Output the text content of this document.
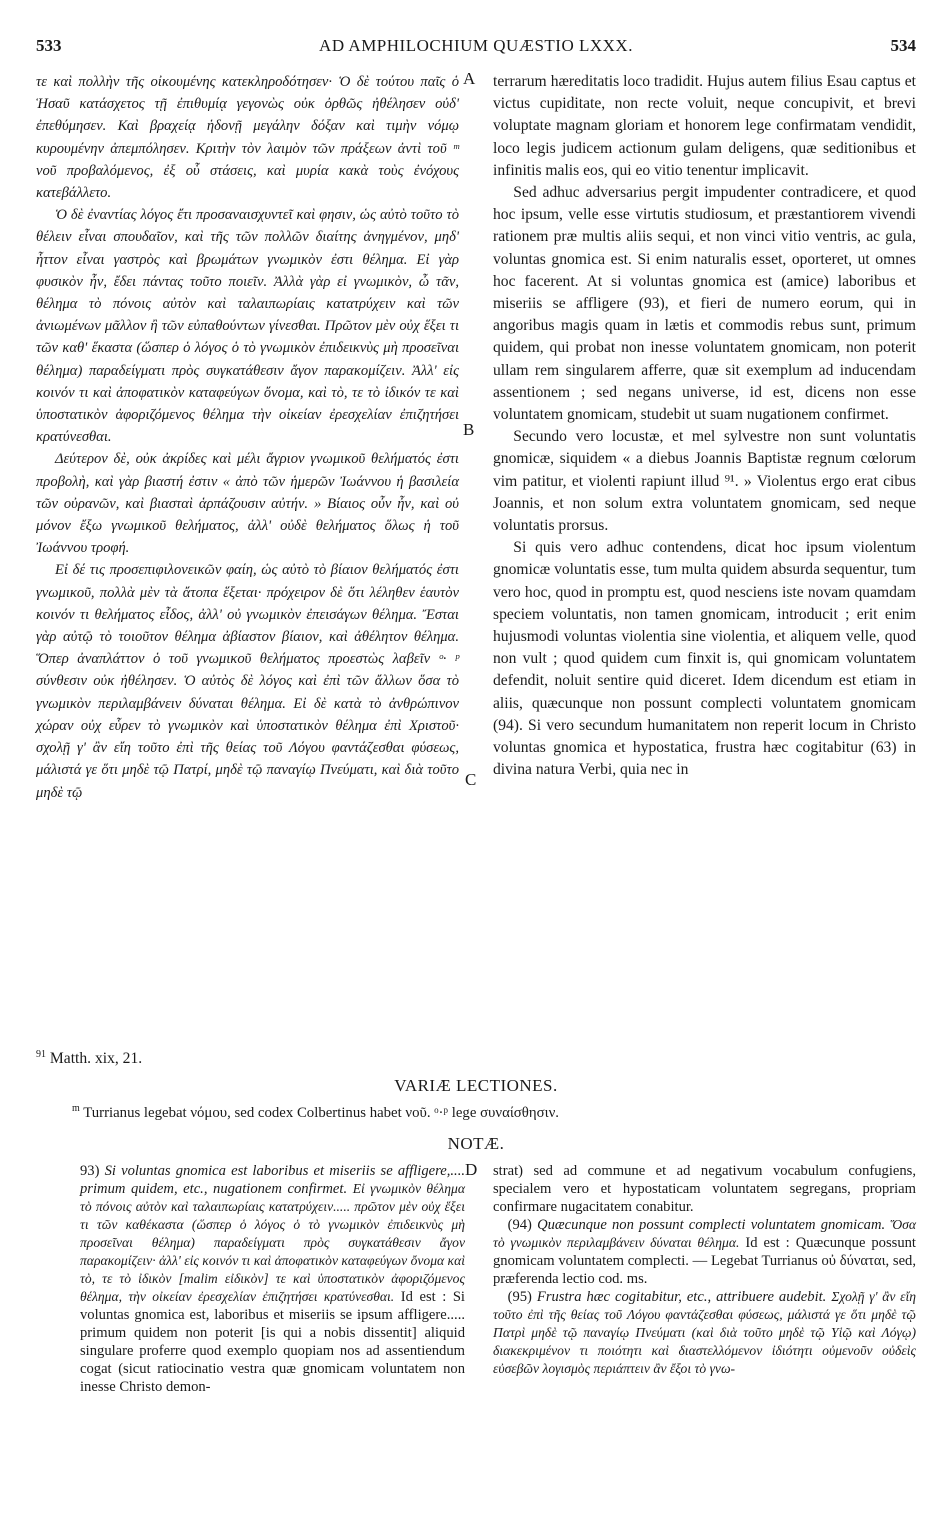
533	AD AMPHILOCHIUM QUÆSTIO LXXX.	534

τε καὶ πολλὴν τῆς οἰκουμένης κατεκληροδότησεν· Ὁ δὲ τούτου παῖς ὁ Ἡσαῦ κατάσχετος τῇ ἐπιθυμίᾳ γεγονὼς οὐκ ὀρθῶς ἠθέλησεν οὐδ' ἐπεθύμησεν. Καὶ βραχείᾳ ἡδονῇ μεγάλην δόξαν καὶ τιμὴν νόμῳ κυρουμένην ἀπεμπόλησεν. Κριτὴν τὸν λαιμὸν τῶν πράξεων ἀντὶ τοῦ ᵐ νοῦ προβαλόμενος, ἐξ οὗ στάσεις, καὶ μυρία κακὰ τοὺς ἐνόχους κατεβάλλετο.

Ὁ δὲ ἐναντίας λόγος ἔτι προσαναισχυντεῖ καὶ φησιν, ὡς αὐτὸ τοῦτο τὸ θέλειν εἶναι σπουδαῖον, καὶ τῆς τῶν πολλῶν διαίτης ἀνηγμένον, μηδ' ἧττον εἶναι γαστρὸς καὶ βρωμάτων γνωμικὸν ἐστι θέλημα. Εἰ γὰρ φυσικὸν ἦν, ἔδει πάντας τοῦτο ποιεῖν. Ἀλλὰ γὰρ εἰ γνωμικὸν, ὦ τᾶν, θέλημα τὸ πόνοις αὐτὸν καὶ ταλαιπωρίαις κατατρύχειν καὶ τῶν ἀνιωμένων μᾶλλον ἢ τῶν εὐπαθούντων γίνεσθαι. Πρῶτον μὲν οὐχ ἕξει τι τῶν καθ' ἕκαστα (ὥσπερ ὁ λόγος ὁ τὸ γνωμικὸν ἐπιδεικνὺς μὴ προσεῖναι θέλημα) παραδείγματι πρὸς συγκατάθεσιν ἄγον παρακομίζειν. Ἀλλ' εἰς κοινόν τι καὶ ἀποφατικὸν καταφεύγων ὄνομα, καὶ τὸ, τε τὸ ἰδικόν τε καὶ ὑποστατικὸν ἀφοριζόμενος θέλημα τὴν οἰκείαν ἐρεσχελίαν ἐπιζητήσει κρατύνεσθαι.

Δεύτερον δὲ, οὐκ ἀκρίδες καὶ μέλι ἄγριον γνωμικοῦ θελήματός ἐστι προβολὴ, καὶ γὰρ βιαστή ἐστιν « ἀπὸ τῶν ἡμερῶν Ἰωάννου ἡ βασιλεία τῶν οὐρανῶν, καὶ βιασταὶ ἁρπάζουσιν αὐτήν. » Βίαιος οὖν ἦν, καὶ οὐ μόνον ἔξω γνωμικοῦ θελήματος, ἀλλ' οὐδὲ θελήματος ὅλως ἡ τοῦ Ἰωάννου τροφή.

Εἰ δέ τις προσεπιφιλονεικῶν φαίη, ὡς αὐτὸ τὸ βίαιον θελήματός ἐστι γνωμικοῦ, πολλὰ μὲν τὰ ἄτοπα ἕξεται· πρόχειρον δὲ ὅτι λέληθεν ἑαυτὸν κοινόν τι θελήματος εἶδος, ἀλλ' οὐ γνωμικὸν ἐπεισάγων θέλημα. Ἔσται γὰρ αὐτῷ τὸ τοιοῦτον θέλημα ἀβίαστον βίαιον, καὶ ἀθέλητον θέλημα. Ὅπερ ἀναπλάττον ὁ τοῦ γνωμικοῦ θελήματος προεστὼς λαβεῖν ᵒ· ᵖ σύνθεσιν οὐκ ἠθέλησεν. Ὁ αὐτὸς δὲ λόγος καὶ ἐπὶ τῶν ἄλλων ὅσα τὸ γνωμικὸν περιλαμβάνειν δύναται θέλημα. Εἰ δὲ κατὰ τὸ ἀνθρώπινον χώραν οὐχ εὗρεν τὸ γνωμικὸν καὶ ὑποστατικὸν θέλημα ἐπὶ Χριστοῦ· σχολῇ γ' ἂν εἴη τοῦτο ἐπὶ τῆς θείας τοῦ Λόγου φαντάζεσθαι φύσεως, μάλιστά γε ὅτι μηδὲ τῷ Πατρί, μηδὲ τῷ παναγίῳ Πνεύματι, καὶ διὰ τοῦτο μηδὲ τῷ

A
B
C
D

terrarum hæreditatis loco tradidit. Hujus autem filius Esau captus et victus cupiditate, non recte voluit, neque concupivit, et brevi voluptate magnam gloriam et honorem lege confirmatam vendidit, loco legis judicem actionum gulam deligens, quæ seditionibus et infinitis malis eos, qui eo vitio tenentur implicavit.

Sed adhuc adversarius pergit impudenter contradicere, et quod hoc ipsum, velle esse virtutis studiosum, et præstantiorem vivendi rationem præ multis aliis sequi, et non vinci vitio ventris, ac gula, voluntas gnomica est. Si enim naturalis esset, oporteret, ut omnes hoc facerent. At si voluntas gnomica est (amice) laboribus et miseriis se affligere (93), et fieri de numero eorum, qui in angoribus magis quam in lætis et commodis rebus sunt, primum quidem, qui probat non inesse voluntatem gnomicam, non poterit ullam rem singularem afferre, quæ sit exemplum ad inducendam assentionem ; sed negans universe, id est, dicens non esse voluntatem gnomicam, studebit ut suam nugationem confirmet.

Secundo vero locustæ, et mel sylvestre non sunt voluntatis gnomicæ, siquidem « a diebus Joannis Baptistæ regnum cœlorum vim patitur, et violenti rapiunt illud ⁹¹. » Violentus ergo erat cibus Joannis, et non solum extra voluntatem gnomicam, sed neque voluntatis prorsus.

Si quis vero adhuc contendens, dicat hoc ipsum violentum gnomicæ voluntatis esse, tum multa quidem absurda sequentur, tum vero hoc, quod in promptu est, quod nesciens iste novam quamdam speciem voluntatis, non tamen gnomicam, introducit ; erit enim hujusmodi voluntas violentia sine violentia, et aliquem velle, quod non vult ; quod quidem cum finxit is, qui gnomicam voluntatem defendit, noluit sentire quid diceret. Idem dicendum est etiam in aliis, quæcunque non possunt complecti voluntatem gnomicam (94). Si vero secundum humanitatem non reperit locum in Christo voluntas gnomica et hypostatica, frustra hæc cogitabitur (63) in divina natura Verbi, quia nec in

$^{91}$ Matth. xix, 21.
VARIÆ LECTIONES.
$^m$ Turrianus legebat νόμου, sed codex Colbertinus habet νοῦ. ᵒ·ᵖ lege συναίσθησιν.
NOTÆ.

93) Si voluntas gnomica est laboribus et miseriis se affligere,.... primum quidem, etc., nugationem confirmet. Εἰ γνωμικὸν θέλημα τὸ πόνοις αὐτὸν καὶ ταλαιπωρίαις κατατρύχειν..... πρῶτον μὲν οὐχ ἕξει τι τῶν καθέκαστα (ὥσπερ ὁ λόγος ὁ τὸ γνωμικὸν ἐπιδεικνὺς μὴ προσεῖναι θέλημα) παραδείγματι πρὸς συγκατάθεσιν ἄγον παρακομίζειν· ἀλλ' εἰς κοινόν τι καὶ ἀποφατικὸν καταφεύγων ὄνομα καὶ τὸ, τε τὸ ἰδικὸν [malim εἰδικὸν] τε καὶ ὑποστατικὸν ἀφοριζόμενος θέλημα, τὴν οἰκείαν ἐρεσχελίαν ἐπιζητήσει κρατύνεσθαι. Id est : Si voluntas gnomica est, laboribus et miseriis se ipsum affligere..... primum quidem non poterit [is qui a nobis dissentit] aliquid singulare proferre quod exemplo quopiam nos ad assentiendum cogat (sicut ratiocinatio vestra quæ gnomicam voluntatem non inesse Christo demon-

strat) sed ad commune et ad negativum vocabulum confugiens, specialem vero et hypostaticam voluntatem segregans, propriam confirmare nugacitatem conabitur.

(94) Quæcunque non possunt complecti voluntatem gnomicam. Ὅσα τὸ γνωμικὸν περιλαμβάνειν δύναται θέλημα. Id est : Quæcunque possunt gnomicam voluntatem complecti. — Legebat Turrianus οὐ δύναται, sed, præferenda lectio cod. ms.

(95) Frustra hæc cogitabitur, etc., attribuere audebit. Σχολῇ γ' ἂν εἴη τοῦτο ἐπὶ τῆς θείας τοῦ Λόγου φαντάζεσθαι φύσεως, μάλιστά γε ὅτι μηδὲ τῷ Πατρὶ μηδὲ τῷ παναγίῳ Πνεύματι (καὶ διὰ τοῦτο μηδὲ τῷ Υἱῷ καὶ Λόγῳ) διακεκριμένον τι ποιότητι καὶ διαστελλόμενον ἰδιότητι οὐμενοῦν οὐδεὶς εὐσεβῶν λογισμὸς περιάπτειν ἂν ἔξοι τὸ γνω-
